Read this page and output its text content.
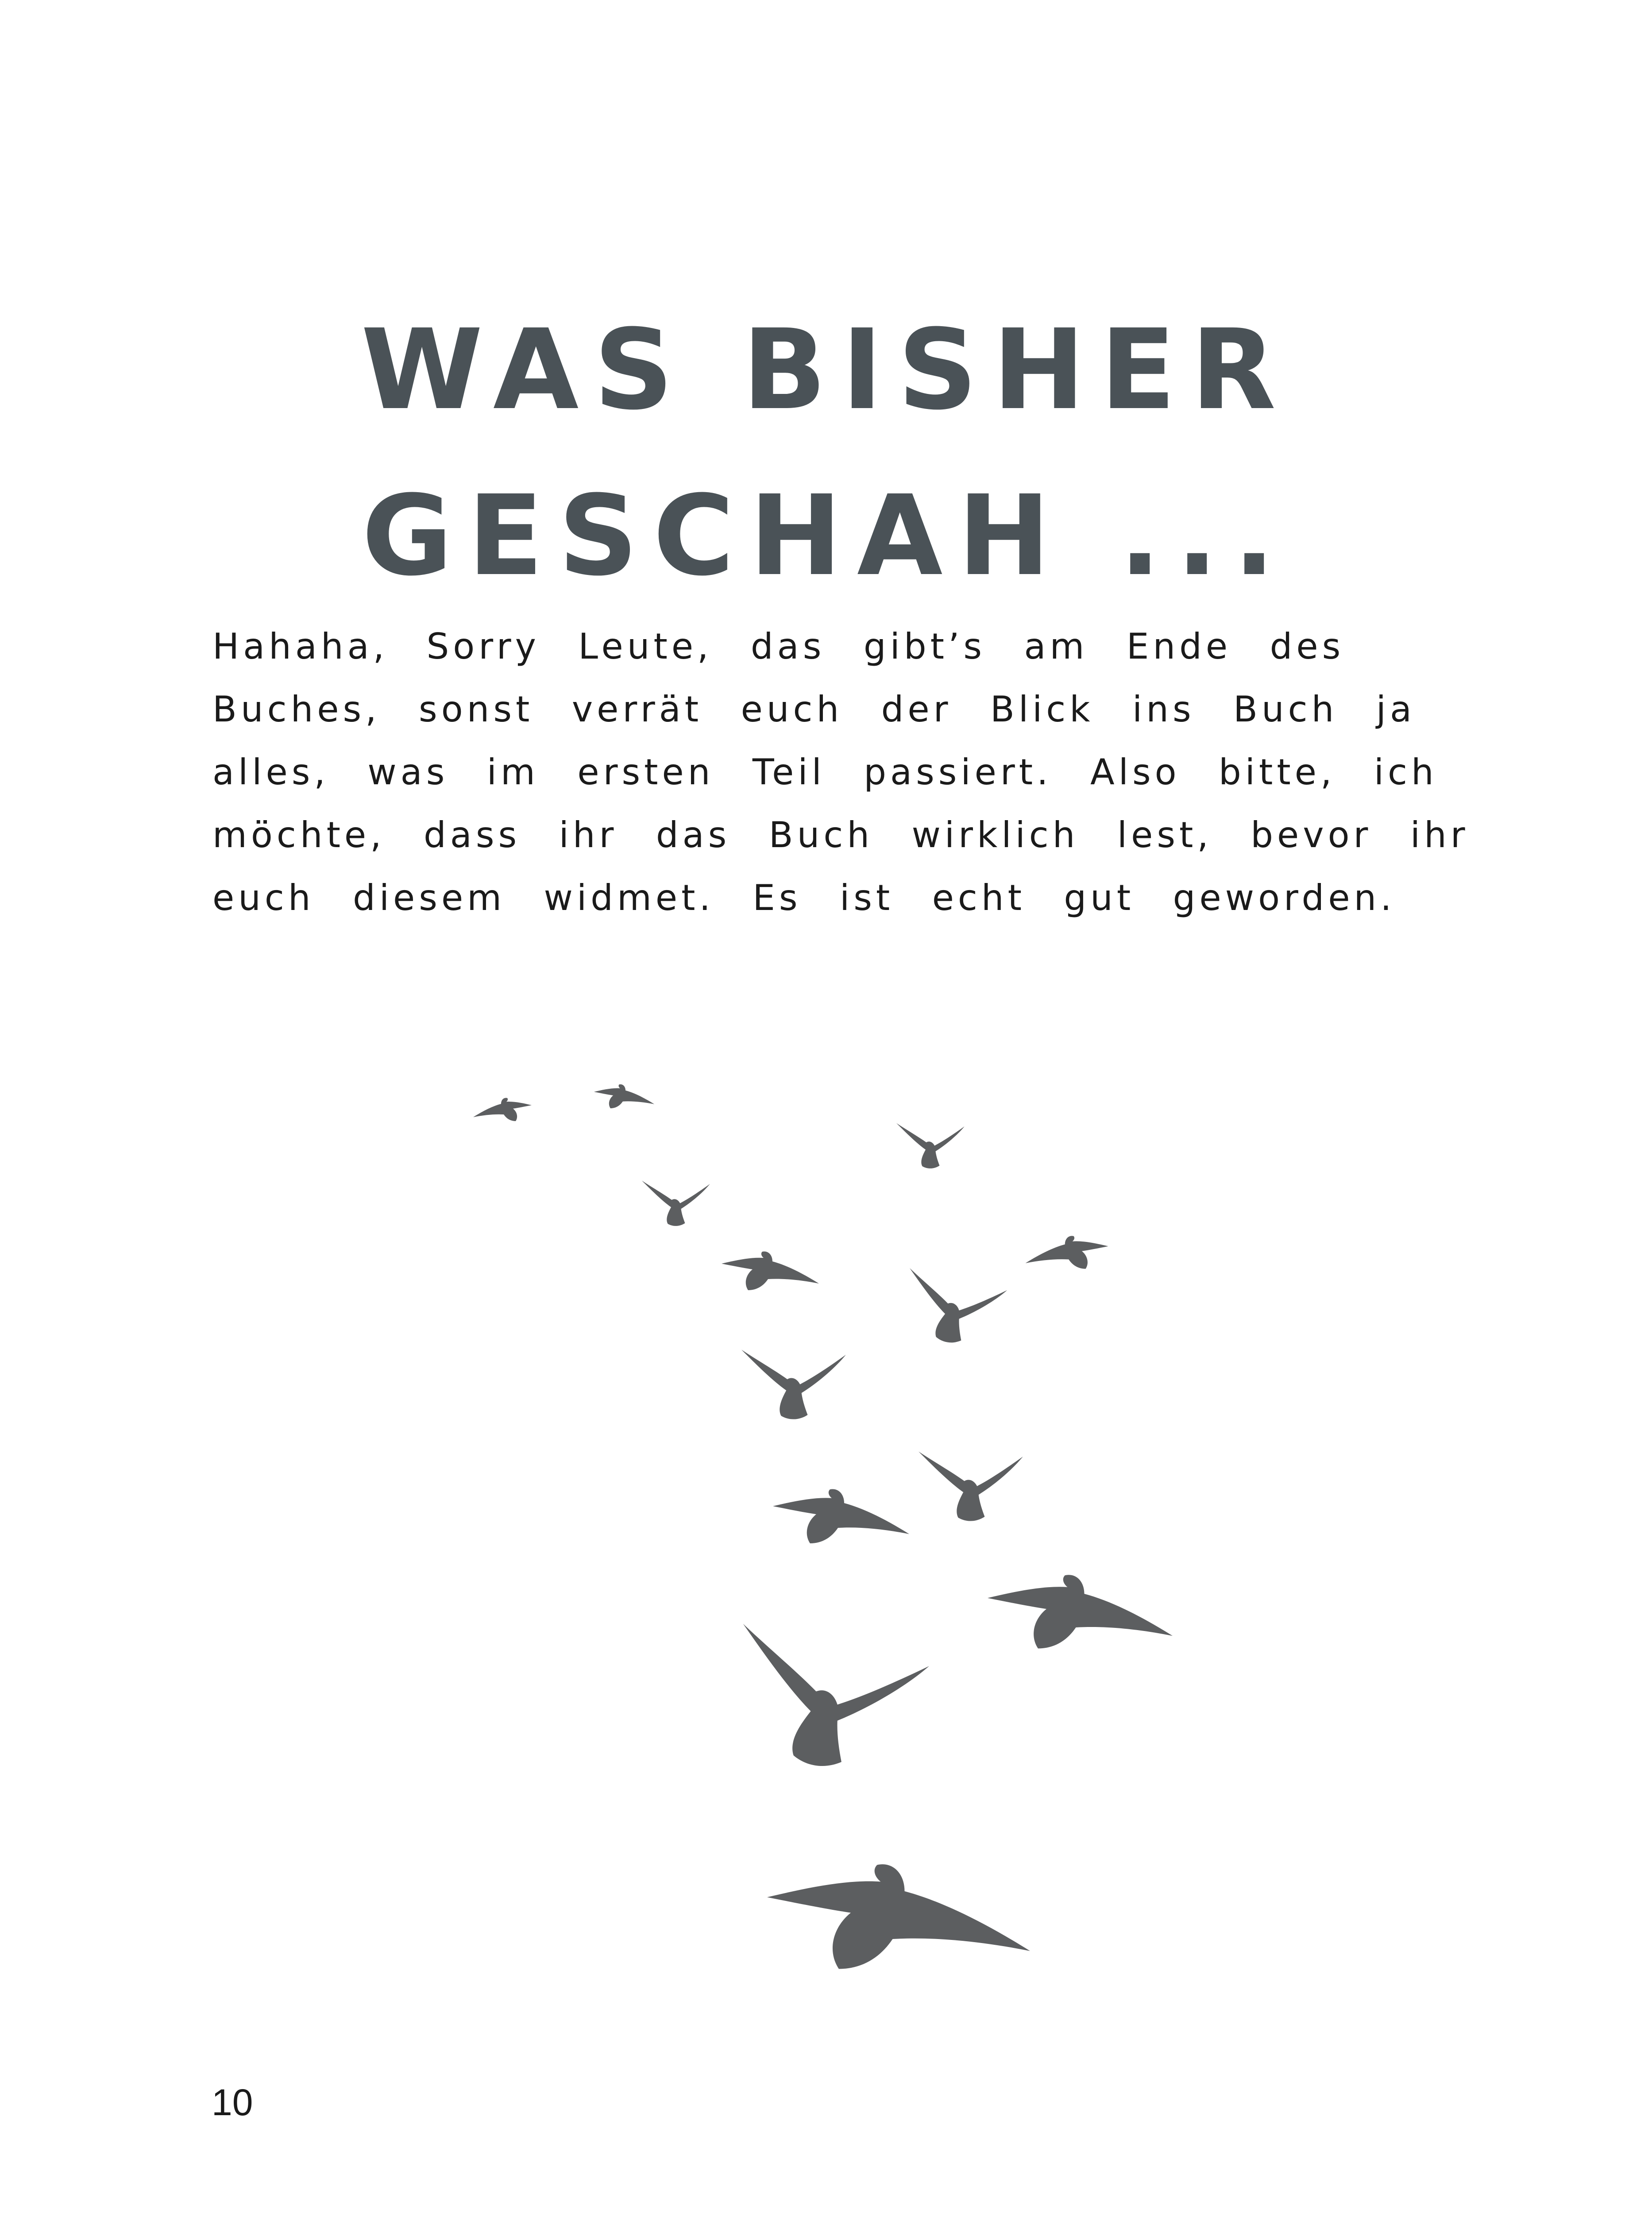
WAS BISHER
GESCHAH ...
Hahaha, Sorry Leute, das gibt’s am Ende des
Buches, sonst verrät euch der Blick ins Buch ja
alles, was im ersten Teil passiert. Also bitte, ich
möchte, dass ihr das Buch wirklich lest, bevor ihr
euch diesem widmet. Es ist echt gut geworden.
10
